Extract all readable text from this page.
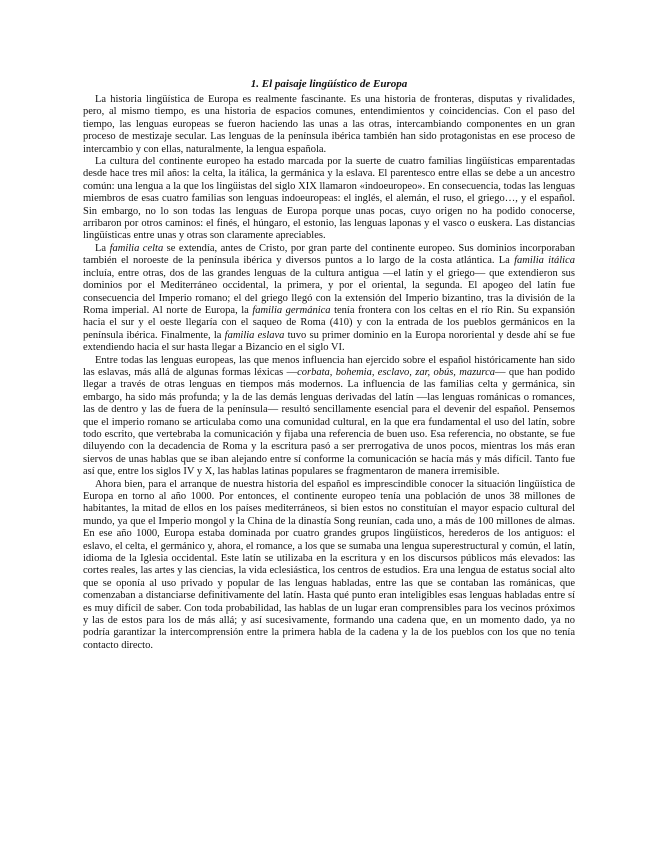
1. El paisaje lingüístico de Europa

La historia lingüística de Europa es realmente fascinante. Es una historia de fronteras, disputas y rivalidades, pero, al mismo tiempo, es una historia de espacios comunes, entendimientos y coincidencias. Con el paso del tiempo, las lenguas europeas se fueron haciendo las unas a las otras, intercambiando componentes en un gran proceso de mestizaje secular. Las lenguas de la península ibérica también han sido protagonistas en ese proceso de intercambio y con ellas, naturalmente, la lengua española.

La cultura del continente europeo ha estado marcada por la suerte de cuatro familias lingüísticas emparentadas desde hace tres mil años: la celta, la itálica, la germánica y la eslava. El parentesco entre ellas se debe a un ancestro común: una lengua a la que los lingüistas del siglo XIX llamaron «indoeuropeo». En consecuencia, todas las lenguas miembros de esas cuatro familias son lenguas indoeuropeas: el inglés, el alemán, el ruso, el griego…, y el español. Sin embargo, no lo son todas las lenguas de Europa porque unas pocas, cuyo origen no ha podido conocerse, arribaron por otros caminos: el finés, el húngaro, el estonio, las lenguas laponas y el vasco o euskera. Las distancias lingüísticas entre unas y otras son claramente apreciables.

La familia celta se extendía, antes de Cristo, por gran parte del continente europeo. Sus dominios incorporaban también el noroeste de la península ibérica y diversos puntos a lo largo de la costa atlántica. La familia itálica incluía, entre otras, dos de las grandes lenguas de la cultura antigua —el latín y el griego— que extendieron sus dominios por el Mediterráneo occidental, la primera, y por el oriental, la segunda. El apogeo del latín fue consecuencia del Imperio romano; el del griego llegó con la extensión del Imperio bizantino, tras la división de la Roma imperial. Al norte de Europa, la familia germánica tenía frontera con los celtas en el río Rin. Su expansión hacia el sur y el oeste llegaría con el saqueo de Roma (410) y con la entrada de los pueblos germánicos en la península ibérica. Finalmente, la familia eslava tuvo su primer dominio en la Europa nororiental y desde ahí se fue extendiendo hacia el sur hasta llegar a Bizancio en el siglo VI.

Entre todas las lenguas europeas, las que menos influencia han ejercido sobre el español históricamente han sido las eslavas, más allá de algunas formas léxicas —corbata, bohemia, esclavo, zar, obús, mazurca— que han podido llegar a través de otras lenguas en tiempos más modernos. La influencia de las familias celta y germánica, sin embargo, ha sido más profunda; y la de las demás lenguas derivadas del latín —las lenguas románicas o romances, las de dentro y las de fuera de la península— resultó sencillamente esencial para el devenir del español. Pensemos que el imperio romano se articulaba como una comunidad cultural, en la que era fundamental el uso del latín, sobre todo escrito, que vertebraba la comunicación y fijaba una referencia de buen uso. Esa referencia, no obstante, se fue diluyendo con la decadencia de Roma y la escritura pasó a ser prerrogativa de unos pocos, mientras los más eran siervos de unas hablas que se iban alejando entre sí conforme la comunicación se hacía más y más difícil. Tanto fue así que, entre los siglos IV y X, las hablas latinas populares se fragmentaron de manera irremisible.

Ahora bien, para el arranque de nuestra historia del español es imprescindible conocer la situación lingüística de Europa en torno al año 1000. Por entonces, el continente europeo tenía una población de unos 38 millones de habitantes, la mitad de ellos en los países mediterráneos, si bien estos no constituían el mayor espacio cultural del mundo, ya que el Imperio mongol y la China de la dinastía Song reunían, cada uno, a más de 100 millones de almas. En ese año 1000, Europa estaba dominada por cuatro grandes grupos lingüísticos, herederos de los antiguos: el eslavo, el celta, el germánico y, ahora, el romance, a los que se sumaba una lengua superestructural y común, el latín, idioma de la Iglesia occidental. Este latín se utilizaba en la escritura y en los discursos públicos más elevados: las cortes reales, las artes y las ciencias, la vida eclesiástica, los centros de estudios. Era una lengua de estatus social alto que se oponía al uso privado y popular de las lenguas habladas, entre las que se contaban las románicas, que comenzaban a distanciarse definitivamente del latín. Hasta qué punto eran inteligibles esas lenguas habladas entre sí es muy difícil de saber. Con toda probabilidad, las hablas de un lugar eran comprensibles para los vecinos próximos y las de estos para los de más allá; y así sucesivamente, formando una cadena que, en un momento dado, ya no podría garantizar la intercomprensión entre la primera habla de la cadena y la de los pueblos con los que no tenía contacto directo.
